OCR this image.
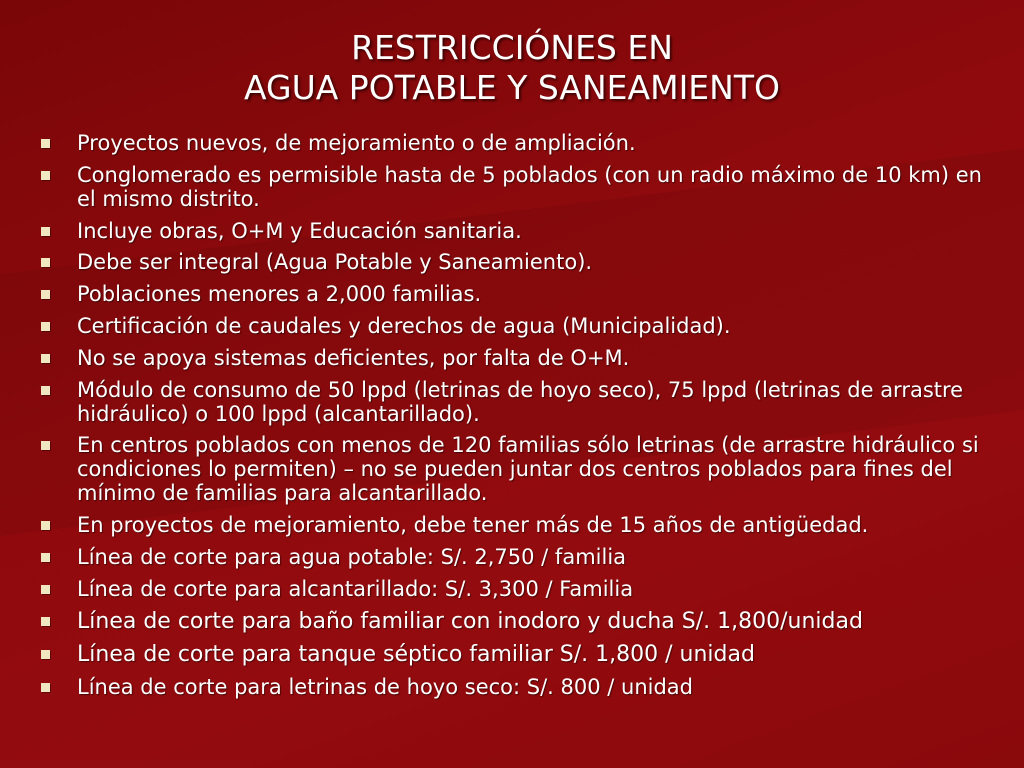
RESTRICCIÓNES EN
AGUA POTABLE Y SANEAMIENTO
Proyectos nuevos, de mejoramiento o de ampliación.
Conglomerado es permisible hasta de 5 poblados (con un radio máximo de 10 km) en el mismo distrito.
Incluye obras, O+M y Educación sanitaria.
Debe ser integral (Agua Potable y Saneamiento).
Poblaciones menores a 2,000 familias.
Certificación de caudales y derechos de agua (Municipalidad).
No se apoya sistemas deficientes, por falta de O+M.
Módulo de consumo de 50 lppd (letrinas de hoyo seco), 75 lppd (letrinas de arrastre hidráulico) o 100 lppd (alcantarillado).
En centros poblados con menos de 120 familias sólo letrinas (de arrastre hidráulico si condiciones lo permiten) – no se pueden juntar dos centros poblados para fines del mínimo de familias para alcantarillado.
En proyectos de mejoramiento, debe tener más de 15 años de antigüedad.
Línea de corte para agua potable: S/. 2,750 / familia
Línea de corte para alcantarillado: S/. 3,300 / Familia
Línea de corte para baño familiar con inodoro y ducha S/. 1,800/unidad
Línea de corte para tanque séptico familiar S/. 1,800 / unidad
Línea de corte para letrinas de hoyo seco: S/. 800 / unidad
